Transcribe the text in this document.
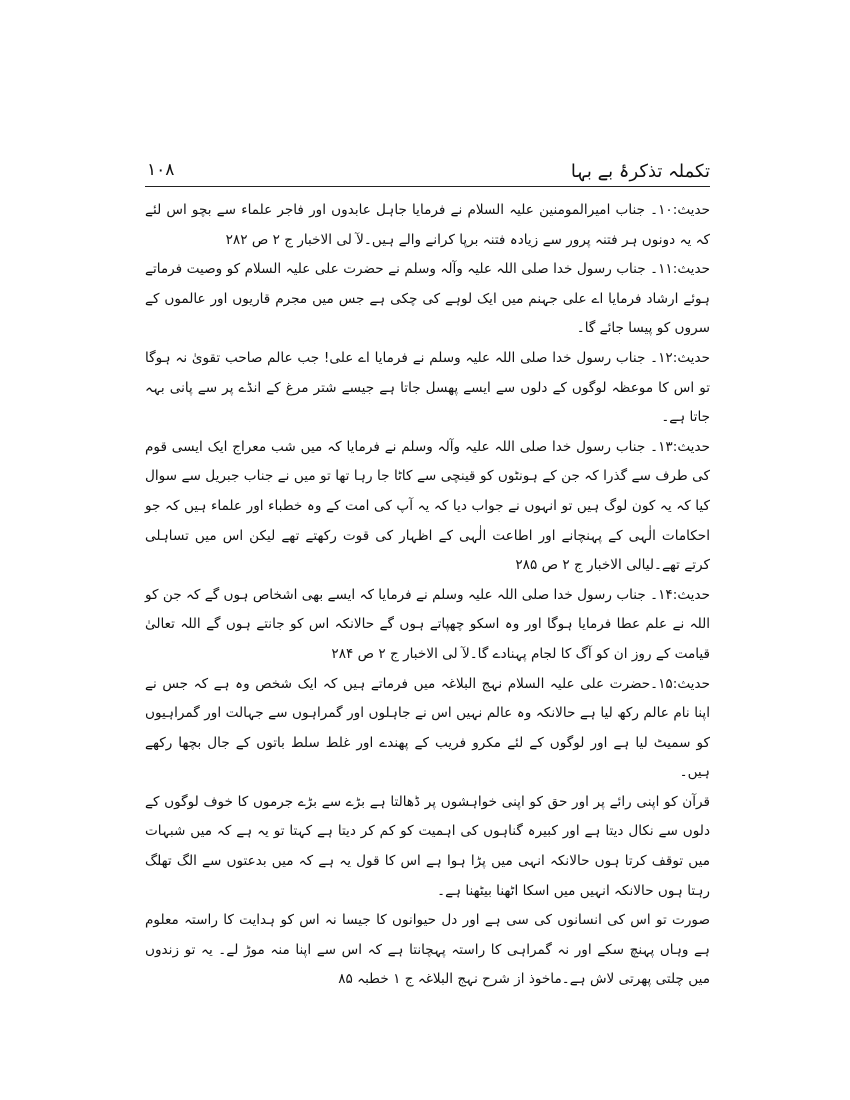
۱۰۸	تکملہ تذکرۂ بے بہا

حدیث:۱۰۔ جناب امیرالمومنین علیہ السلام نے فرمایا جاہل عابدوں اور فاجر علماء سے بچو اس لئے کہ یہ دونوں ہر فتنہ پرور سے زیادہ فتنہ برپا کرانے والے ہیں۔لآ لی الاخبار ج ۲ ص ۲۸۲

حدیث:۱۱۔ جناب رسول خدا صلی اللہ علیہ وآلہ وسلم نے حضرت علی علیہ السلام کو وصیت فرماتے ہوئے ارشاد فرمایا اے علی جہنم میں ایک لوہے کی چکی ہے جس میں مجرم قاریوں اور عالموں کے سروں کو پیسا جائے گا۔

حدیث:۱۲۔ جناب رسول خدا صلی اللہ علیہ وسلم نے فرمایا اے علی! جب عالم صاحب تقویٰ نہ ہوگا تو اس کا موعظہ لوگوں کے دلوں سے ایسے پھسل جاتا ہے جیسے شتر مرغ کے انڈے پر سے پانی بہہ جاتا ہے۔

حدیث:۱۳۔ جناب رسول خدا صلی اللہ علیہ وآلہ وسلم نے فرمایا کہ میں شب معراج ایک ایسی قوم کی طرف سے گذرا کہ جن کے ہونٹوں کو قینچی سے کاٹا جا رہا تھا تو میں نے جناب جبریل سے سوال کیا کہ یہ کون لوگ ہیں تو انہوں نے جواب دیا کہ یہ آپ کی امت کے وہ خطباء اور علماء ہیں کہ جو احکامات الٰہی کے پہنچانے اور اطاعت الٰہی کے اظہار کی قوت رکھتے تھے لیکن اس میں تساہلی کرتے تھے۔لیالی الاخبار ج ۲ ص ۲۸۵

حدیث:۱۴۔ جناب رسول خدا صلی اللہ علیہ وسلم نے فرمایا کہ ایسے بھی اشخاص ہوں گے کہ جن کو اللہ نے علم عطا فرمایا ہوگا اور وہ اسکو چھپاتے ہوں گے حالانکہ اس کو جانتے ہوں گے اللہ تعالیٰ قیامت کے روز ان کو آگ کا لجام پہنادے گا۔لآ لی الاخبار ج ۲ ص ۲۸۴

حدیث:۱۵۔حضرت علی علیہ السلام نہج البلاغہ میں فرماتے ہیں کہ ایک شخص وہ ہے کہ جس نے اپنا نام عالم رکھ لیا ہے حالانکہ وہ عالم نہیں اس نے جاہلوں اور گمراہوں سے جہالت اور گمراہیوں کو سمیٹ لیا ہے اور لوگوں کے لئے مکرو فریب کے پھندے اور غلط سلط باتوں کے جال بچھا رکھے ہیں۔

قرآن کو اپنی رائے پر اور حق کو اپنی خواہشوں پر ڈھالتا ہے بڑے سے بڑے جرموں کا خوف لوگوں کے دلوں سے نکال دیتا ہے اور کبیرہ گناہوں کی اہمیت کو کم کر دیتا ہے کہتا تو یہ ہے کہ میں شبہات میں توقف کرتا ہوں حالانکہ انہی میں پڑا ہوا ہے اس کا قول یہ ہے کہ میں بدعتوں سے الگ تھلگ رہتا ہوں حالانکہ انہیں میں اسکا اٹھنا بیٹھنا ہے۔

صورت تو اس کی انسانوں کی سی ہے اور دل حیوانوں کا جیسا نہ اس کو ہدایت کا راستہ معلوم ہے وہاں پہنچ سکے اور نہ گمراہی کا راستہ پہچانتا ہے کہ اس سے اپنا منہ موڑ لے۔ یہ تو زندوں میں چلتی پھرتی لاش ہے۔ماخوذ از شرح نہج البلاغہ ج ۱ خطبہ ۸۵
